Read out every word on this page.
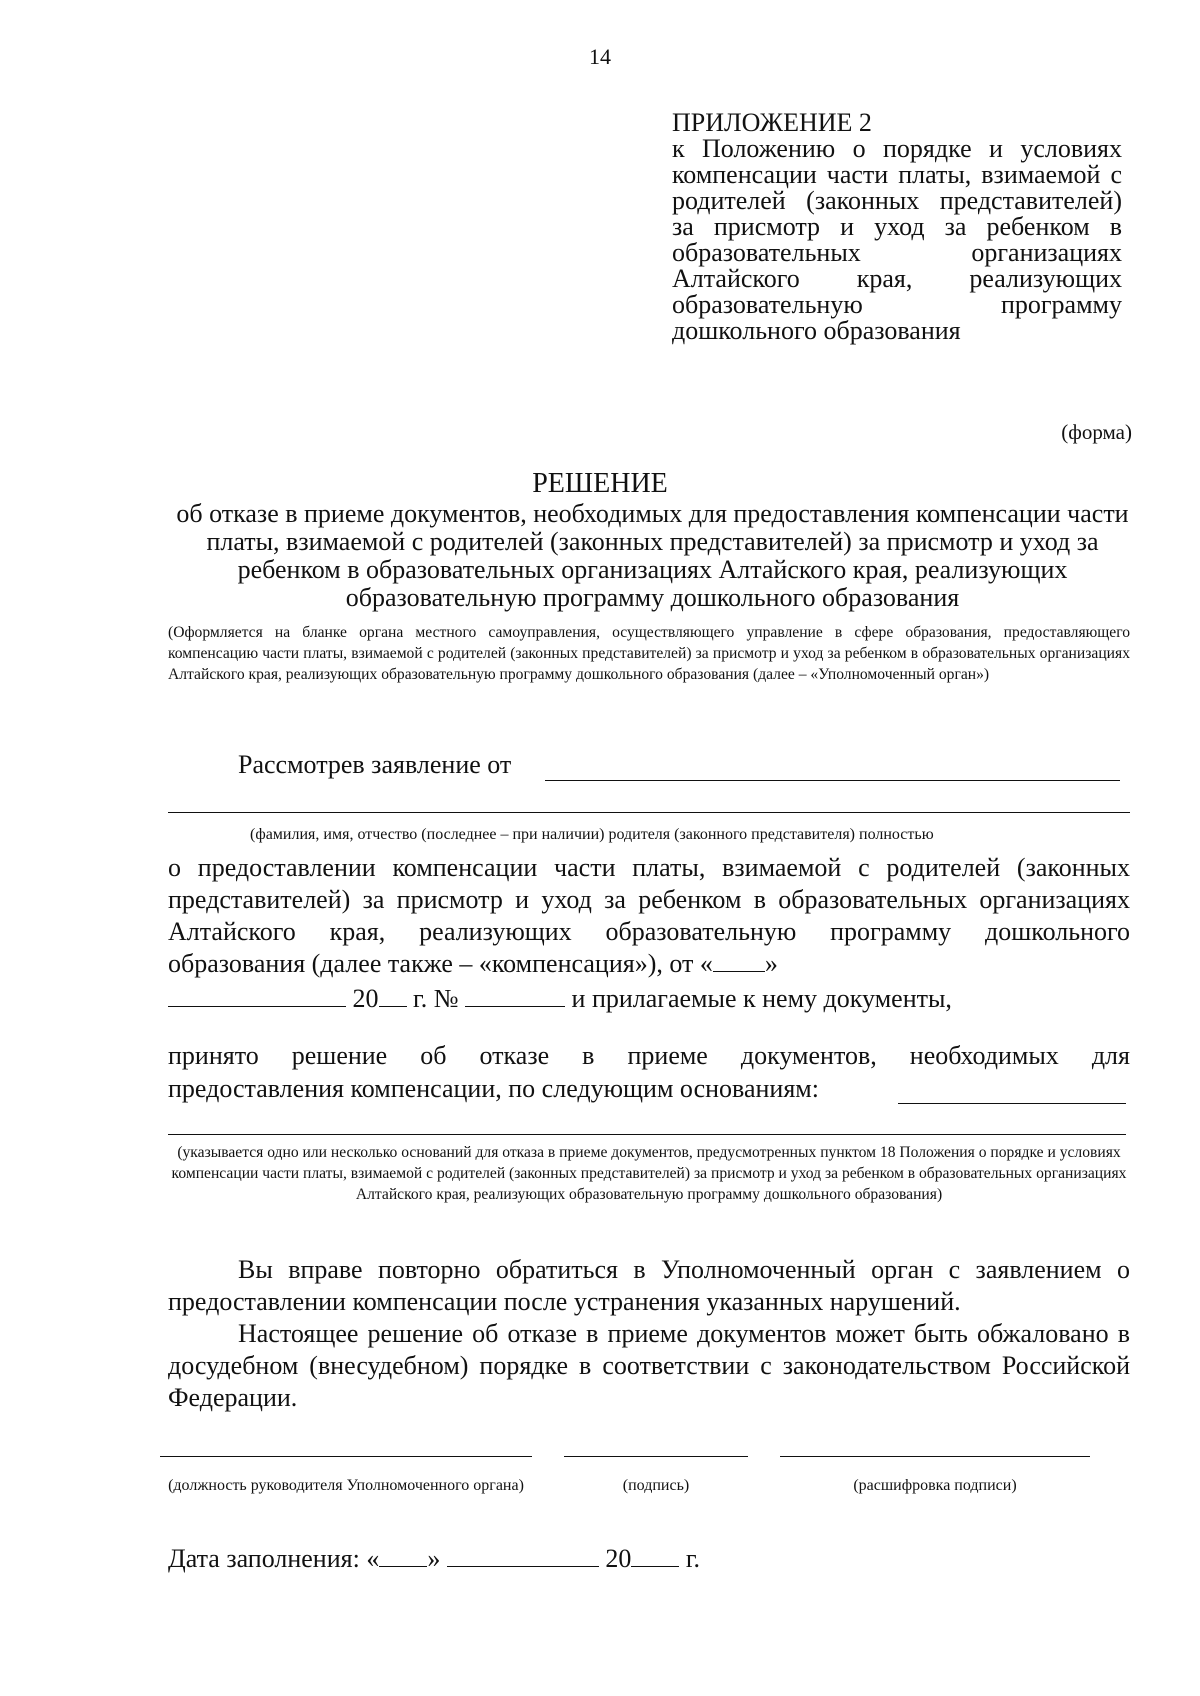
14
ПРИЛОЖЕНИЕ 2
к Положению о порядке и условиях компенсации части платы, взимаемой с родителей (законных представителей) за присмотр и уход за ребенком в образовательных организациях Алтайского края, реализующих образовательную программу дошкольного образования
(форма)
РЕШЕНИЕ
об отказе в приеме документов, необходимых для предоставления компенсации части платы, взимаемой с родителей (законных представителей) за присмотр и уход за ребенком в образовательных организациях Алтайского края, реализующих образовательную программу дошкольного образования
(Оформляется на бланке органа местного самоуправления, осуществляющего управление в сфере образования, предоставляющего компенсацию части платы, взимаемой с родителей (законных представителей) за присмотр и уход за ребенком в образовательных организациях Алтайского края, реализующих образовательную программу дошкольного образования (далее – «Уполномоченный орган»)
Рассмотрев заявление от
(фамилия, имя, отчество (последнее – при наличии) родителя (законного представителя) полностью
о предоставлении компенсации части платы, взимаемой с родителей (законных представителей) за присмотр и уход за ребенком в образовательных организациях Алтайского края, реализующих образовательную программу дошкольного образования (далее также – «компенсация»), от « »
20 г. №	и прилагаемые к нему документы,
принято решение об отказе в приеме документов, необходимых для
предоставления компенсации, по следующим основаниям:
(указывается одно или несколько оснований для отказа в приеме документов, предусмотренных пунктом 18 Положения о порядке и условиях компенсации части платы, взимаемой с родителей (законных представителей) за присмотр и уход за ребенком в образовательных организациях Алтайского края, реализующих образовательную программу дошкольного образования)
Вы вправе повторно обратиться в Уполномоченный орган с заявлением о предоставлении компенсации после устранения указанных нарушений.
Настоящее решение об отказе в приеме документов может быть обжаловано в досудебном (внесудебном) порядке в соответствии с законодательством Российской Федерации.
(должность руководителя Уполномоченного органа)	(подпись)	(расшифровка подписи)
Дата заполнения: « »	20 г.
